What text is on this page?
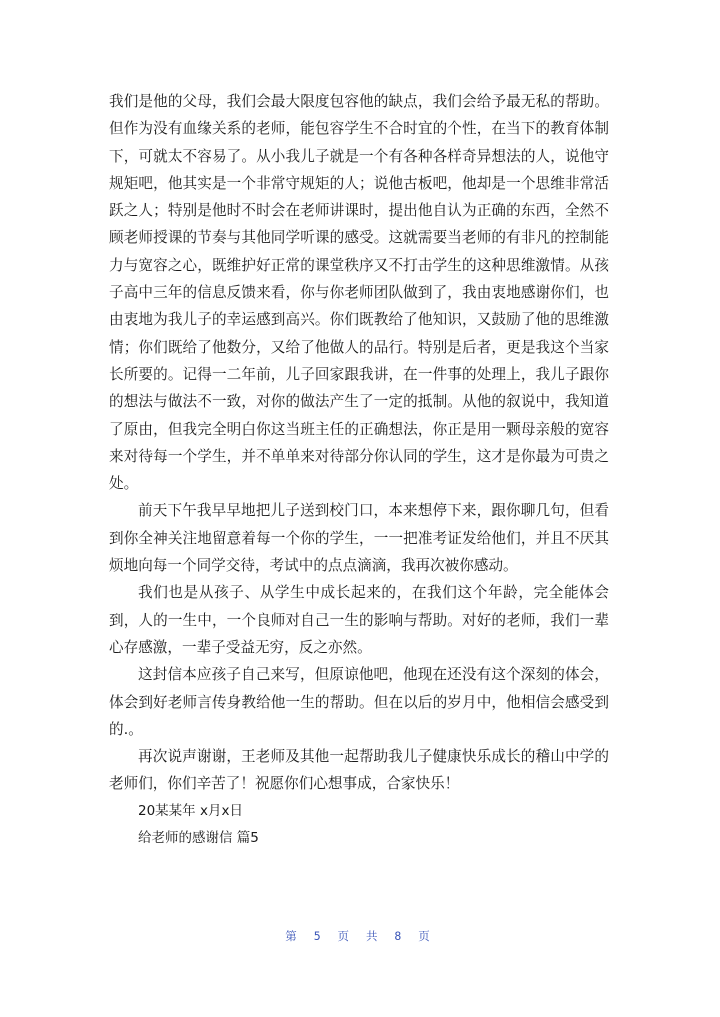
我们是他的父母，我们会最大限度包容他的缺点，我们会给予最无私的帮助。但作为没有血缘关系的老师，能包容学生不合时宜的个性，在当下的教育体制下，可就太不容易了。从小我儿子就是一个有各种各样奇异想法的人，说他守规矩吧，他其实是一个非常守规矩的人；说他古板吧，他却是一个思维非常活跃之人；特别是他时不时会在老师讲课时，提出他自认为正确的东西，全然不顾老师授课的节奏与其他同学听课的感受。这就需要当老师的有非凡的控制能力与宽容之心，既维护好正常的课堂秩序又不打击学生的这种思维激情。从孩子高中三年的信息反馈来看，你与你老师团队做到了，我由衷地感谢你们，也由衷地为我儿子的幸运感到高兴。你们既教给了他知识，又鼓励了他的思维激情；你们既给了他数分，又给了他做人的品行。特别是后者，更是我这个当家长所要的。记得一二年前，儿子回家跟我讲，在一件事的处理上，我儿子跟你的想法与做法不一致，对你的做法产生了一定的抵制。从他的叙说中，我知道了原由，但我完全明白你这当班主任的正确想法，你正是用一颗母亲般的宽容来对待每一个学生，并不单单来对待部分你认同的学生，这才是你最为可贵之处。

前天下午我早早地把儿子送到校门口，本来想停下来，跟你聊几句，但看到你全神关注地留意着每一个你的学生，一一把准考证发给他们，并且不厌其烦地向每一个同学交待，考试中的点点滴滴，我再次被你感动。

我们也是从孩子、从学生中成长起来的，在我们这个年龄，完全能体会到，人的一生中，一个良师对自己一生的影响与帮助。对好的老师，我们一辈心存感激，一辈子受益无穷，反之亦然。

这封信本应孩子自己来写，但原谅他吧，他现在还没有这个深刻的体会，体会到好老师言传身教给他一生的帮助。但在以后的岁月中，他相信会感受到的.。

再次说声谢谢，王老师及其他一起帮助我儿子健康快乐成长的稽山中学的老师们，你们辛苦了！祝愿你们心想事成，合家快乐！

20某某年 x月x日

给老师的感谢信 篇5

第 5 页 共 8 页
